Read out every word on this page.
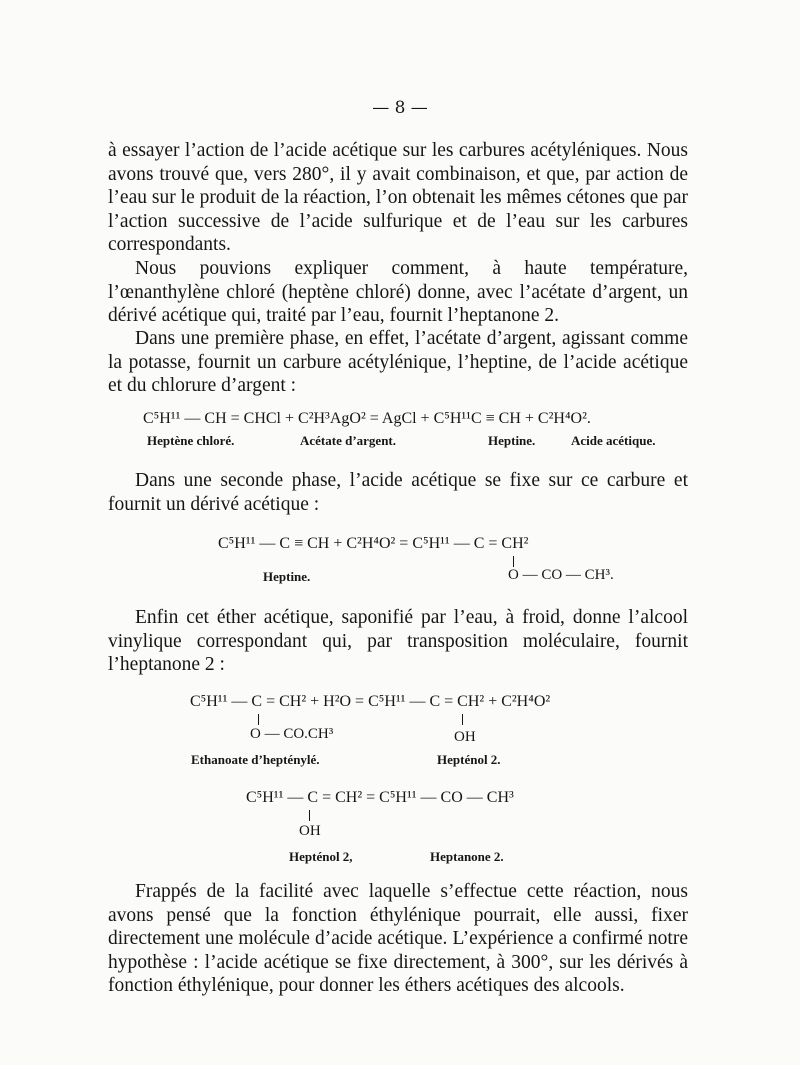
— 8 —

à essayer l’action de l’acide acétique sur les carbures acétyléniques. Nous avons trouvé que, vers 280°, il y avait combinaison, et que, par action de l’eau sur le produit de la réaction, l’on obtenait les mêmes cétones que par l’action successive de l’acide sulfurique et de l’eau sur les carbures correspondants.

Nous pouvions expliquer comment, à haute température, l’œnanthylène chloré (heptène chloré) donne, avec l’acétate d’argent, un dérivé acétique qui, traité par l’eau, fournit l’heptanone 2.

Dans une première phase, en effet, l’acétate d’argent, agissant comme la potasse, fournit un carbure acétylénique, l’heptine, de l’acide acétique et du chlorure d’argent :

C⁵H¹¹ — CH = CHCl + C²H³AgO² = AgCl + C⁵H¹¹C ≡ CH + C²H⁴O².
Heptène chloré.	Acétate d’argent.	Heptine.	Acide acétique.

Dans une seconde phase, l’acide acétique se fixe sur ce carbure et fournit un dérivé acétique :

C⁵H¹¹ — C ≡ CH + C²H⁴O² = C⁵H¹¹ — C = CH²
O — CO — CH³.
Heptine.

Enfin cet éther acétique, saponifié par l’eau, à froid, donne l’alcool vinylique correspondant qui, par transposition moléculaire, fournit l’heptanone 2 :

C⁵H¹¹ — C = CH² + H²O = C⁵H¹¹ — C = CH² + C²H⁴O²
O — CO.CH³	OH
Ethanoate d’hepténylé.	Hepténol 2.
C⁵H¹¹ — C = CH² = C⁵H¹¹ — CO — CH³
OH
Hepténol 2,	Heptanone 2.

Frappés de la facilité avec laquelle s’effectue cette réaction, nous avons pensé que la fonction éthylénique pourrait, elle aussi, fixer directement une molécule d’acide acétique. L’expérience a confirmé notre hypothèse : l’acide acétique se fixe directement, à 300°, sur les dérivés à fonction éthylénique, pour donner les éthers acétiques des alcools.
